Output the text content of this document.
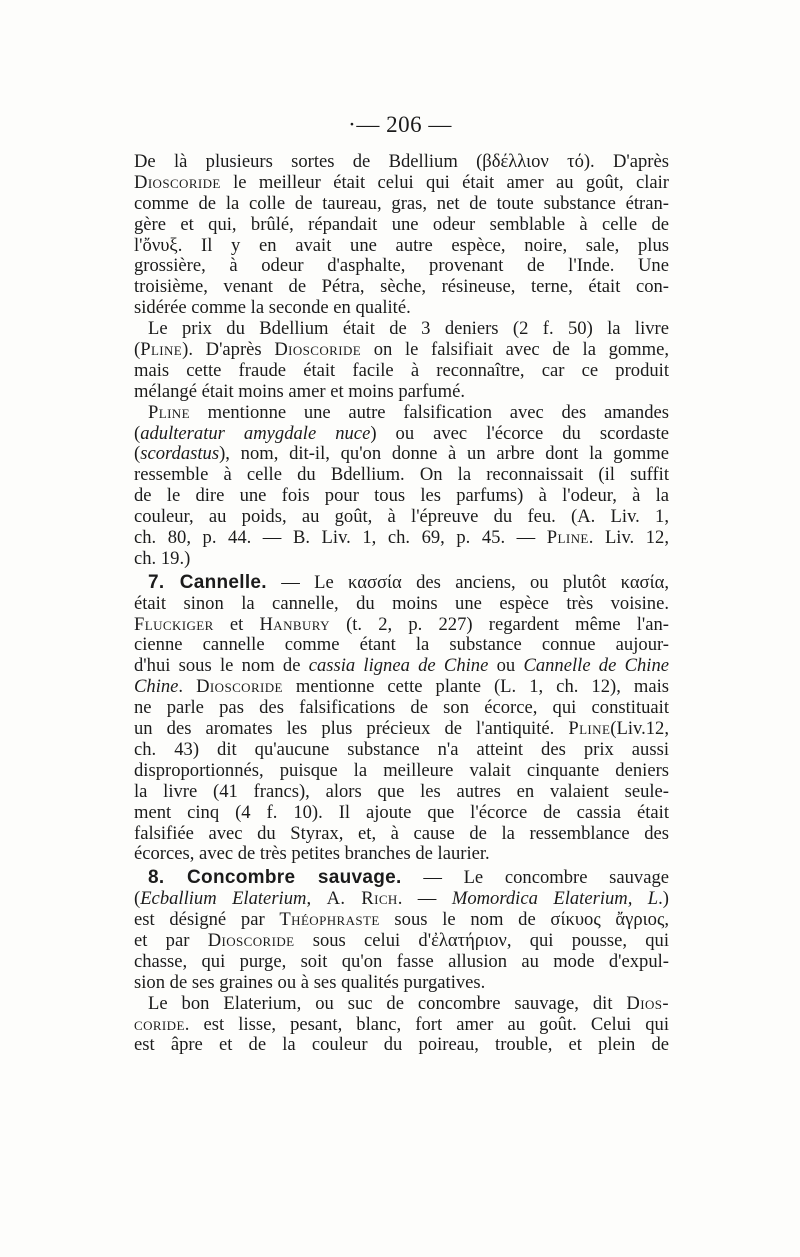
·— 206 —
De là plusieurs sortes de Bdellium (βδέλλιον τό). D'après
Dioscoride le meilleur était celui qui était amer au goût, clair
comme de la colle de taureau, gras, net de toute substance étran-
gère et qui, brûlé, répandait une odeur semblable à celle de
l'ὄνυξ. Il y en avait une autre espèce, noire, sale, plus
grossière, à odeur d'asphalte, provenant de l'Inde. Une
troisième, venant de Pétra, sèche, résineuse, terne, était con-
sidérée comme la seconde en qualité.
Le prix du Bdellium était de 3 deniers (2 f. 50) la livre
(Pline). D'après Dioscoride on le falsifiait avec de la gomme,
mais cette fraude était facile à reconnaître, car ce produit
mélangé était moins amer et moins parfumé.
Pline mentionne une autre falsification avec des amandes
(adulteratur amygdale nuce) ou avec l'écorce du scordaste
(scordastus), nom, dit-il, qu'on donne à un arbre dont la gomme
ressemble à celle du Bdellium. On la reconnaissait (il suffit
de le dire une fois pour tous les parfums) à l'odeur, à la
couleur, au poids, au goût, à l'épreuve du feu. (A. Liv. 1,
ch. 80, p. 44. — B. Liv. 1, ch. 69, p. 45. — Pline. Liv. 12,
ch. 19.)
7. Cannelle. — Le κασσία des anciens, ou plutôt κασία,
était sinon la cannelle, du moins une espèce très voisine.
Fluckiger et Hanbury (t. 2, p. 227) regardent même l'an-
cienne cannelle comme étant la substance connue aujour-
d'hui sous le nom de cassia lignea de Chine ou Cannelle de Chine
Chine. Dioscoride mentionne cette plante (L. 1, ch. 12), mais
ne parle pas des falsifications de son écorce, qui constituait
un des aromates les plus précieux de l'antiquité. Pline(Liv.12,
ch. 43) dit qu'aucune substance n'a atteint des prix aussi
disproportionnés, puisque la meilleure valait cinquante deniers
la livre (41 francs), alors que les autres en valaient seule-
ment cinq (4 f. 10). Il ajoute que l'écorce de cassia était
falsifiée avec du Styrax, et, à cause de la ressemblance des
écorces, avec de très petites branches de laurier.
8. Concombre sauvage. — Le concombre sauvage
(Ecballium Elaterium, A. Rich. — Momordica Elaterium, L.)
est désigné par Théophraste sous le nom de σίκυος ἄγριος,
et par Dioscoride sous celui d'ἐλατήριον, qui pousse, qui
chasse, qui purge, soit qu'on fasse allusion au mode d'expul-
sion de ses graines ou à ses qualités purgatives.
Le bon Elaterium, ou suc de concombre sauvage, dit Dios-
coride. est lisse, pesant, blanc, fort amer au goût. Celui qui
est âpre et de la couleur du poireau, trouble, et plein de
